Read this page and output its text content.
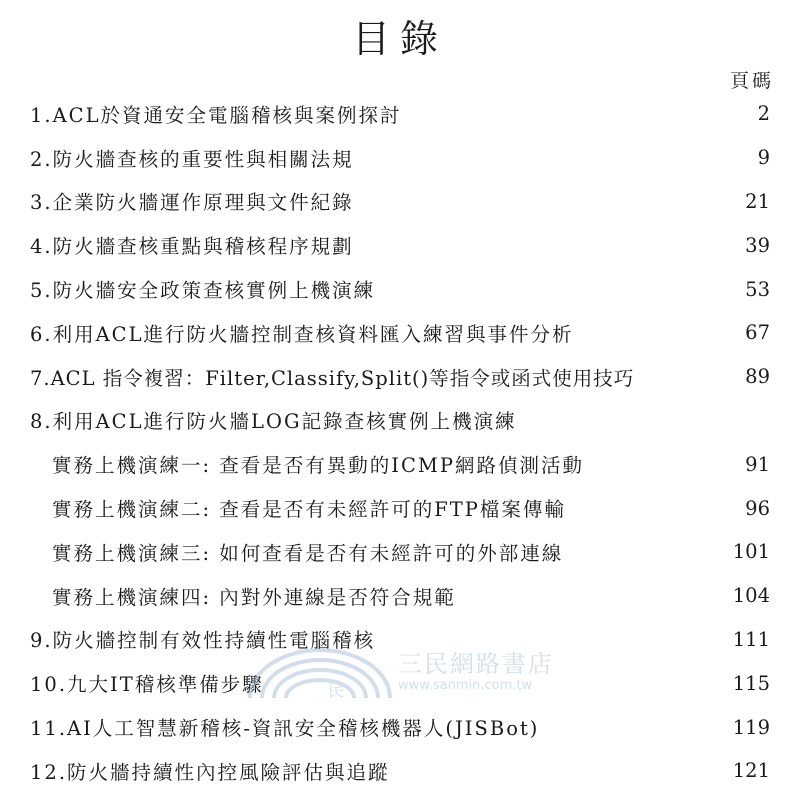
目錄
頁碼
1.ACL於資通安全電腦稽核與案例探討	2
2.防火牆查核的重要性與相關法規	9
3.企業防火牆運作原理與文件紀錄	21
4.防火牆查核重點與稽核程序規劃	39
5.防火牆安全政策查核實例上機演練	53
6.利用ACL進行防火牆控制查核資料匯入練習與事件分析	67
7.ACL 指令複習：Filter,Classify,Split()等指令或函式使用技巧	89
8.利用ACL進行防火牆LOG記錄查核實例上機演練
實務上機演練一: 查看是否有異動的ICMP網路偵測活動	91
實務上機演練二: 查看是否有未經許可的FTP檔案傳輸	96
實務上機演練三: 如何查看是否有未經許可的外部連線	101
實務上機演練四: 內對外連線是否符合規範	104
9.防火牆控制有效性持續性電腦稽核	111
10.九大IT稽核準備步驟	115
11.AI人工智慧新稽核-資訊安全稽核機器人(JISBot)	119
12.防火牆持續性內控風險評估與追蹤	121
民
三民網路書店
www.sanmin.com.tw
